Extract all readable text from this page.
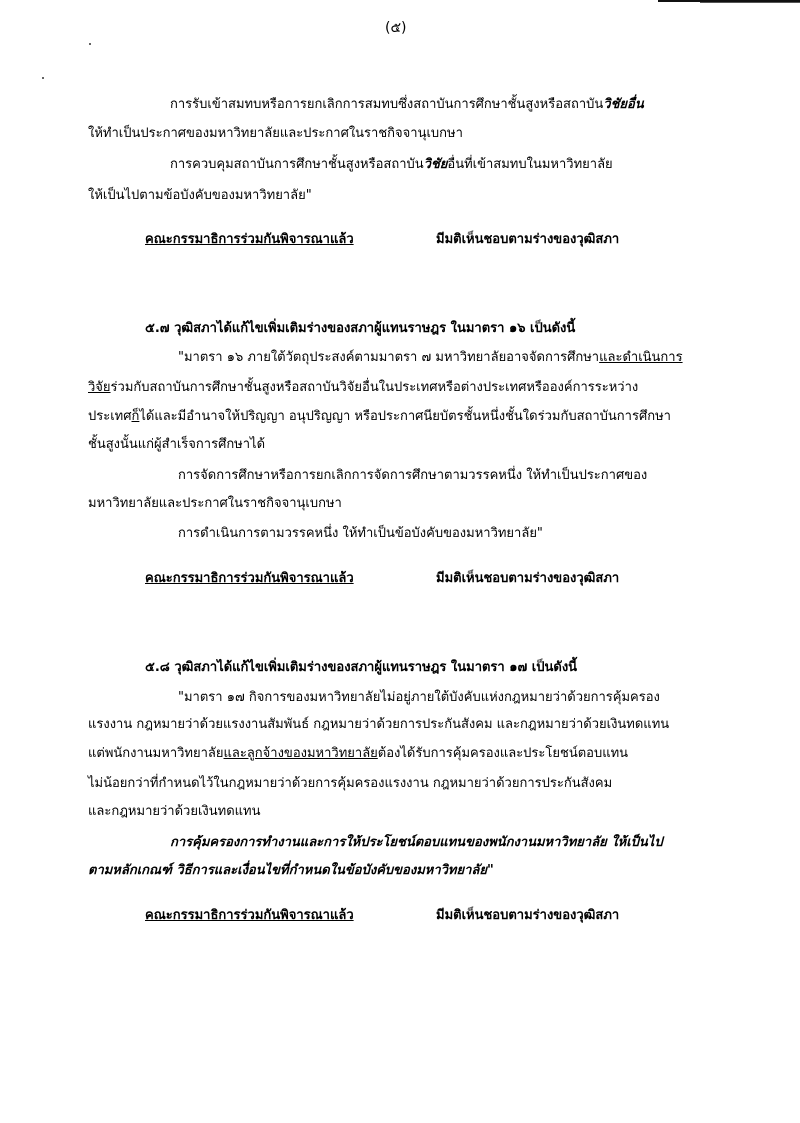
(๕)
การรับเข้าสมทบหรือการยกเลิกการสมทบซึ่งสถาบันการศึกษาชั้นสูงหรือสถาบันวิชัยอื่น
ให้ทำเป็นประกาศของมหาวิทยาลัยและประกาศในราชกิจจานุเบกษา
การควบคุมสถาบันการศึกษาชั้นสูงหรือสถาบันวิชัยอื่นที่เข้าสมทบในมหาวิทยาลัย
ให้เป็นไปตามข้อบังคับของมหาวิทยาลัย"
คณะกรรมาธิการร่วมกันพิจารณาแล้ว	มีมติเห็นชอบตามร่างของวุฒิสภา
๕.๗ วุฒิสภาได้แก้ไขเพิ่มเติมร่างของสภาผู้แทนราษฎร ในมาตรา ๑๖ เป็นดังนี้
"มาตรา ๑๖ ภายใต้วัตถุประสงค์ตามมาตรา ๗ มหาวิทยาลัยอาจจัดการศึกษาและดำเนินการ
วิจัยร่วมกับสถาบันการศึกษาชั้นสูงหรือสถาบันวิจัยอื่นในประเทศหรือต่างประเทศหรือองค์การระหว่าง
ประเทศก็ได้และมีอำนาจให้ปริญญา อนุปริญญา หรือประกาศนียบัตรชั้นหนึ่งชั้นใดร่วมกับสถาบันการศึกษา
ชั้นสูงนั้นแก่ผู้สำเร็จการศึกษาได้
การจัดการศึกษาหรือการยกเลิกการจัดการศึกษาตามวรรคหนึ่ง ให้ทำเป็นประกาศของ
มหาวิทยาลัยและประกาศในราชกิจจานุเบกษา
การดำเนินการตามวรรคหนึ่ง ให้ทำเป็นข้อบังคับของมหาวิทยาลัย"
คณะกรรมาธิการร่วมกันพิจารณาแล้ว	มีมติเห็นชอบตามร่างของวุฒิสภา
๕.๘ วุฒิสภาได้แก้ไขเพิ่มเติมร่างของสภาผู้แทนราษฎร ในมาตรา ๑๗ เป็นดังนี้
"มาตรา ๑๗ กิจการของมหาวิทยาลัยไม่อยู่ภายใต้บังคับแห่งกฎหมายว่าด้วยการคุ้มครอง
แรงงาน กฎหมายว่าด้วยแรงงานสัมพันธ์ กฎหมายว่าด้วยการประกันสังคม และกฎหมายว่าด้วยเงินทดแทน
แต่พนักงานมหาวิทยาลัยและลูกจ้างของมหาวิทยาลัยต้องได้รับการคุ้มครองและประโยชน์ตอบแทน
ไม่น้อยกว่าที่กำหนดไว้ในกฎหมายว่าด้วยการคุ้มครองแรงงาน กฎหมายว่าด้วยการประกันสังคม
และกฎหมายว่าด้วยเงินทดแทน
การคุ้มครองการทำงานและการให้ประโยชน์ตอบแทนของพนักงานมหาวิทยาลัย ให้เป็นไป
ตามหลักเกณฑ์ วิธีการและเงื่อนไขที่กำหนดในข้อบังคับของมหาวิทยาลัย"
คณะกรรมาธิการร่วมกันพิจารณาแล้ว	มีมติเห็นชอบตามร่างของวุฒิสภา
